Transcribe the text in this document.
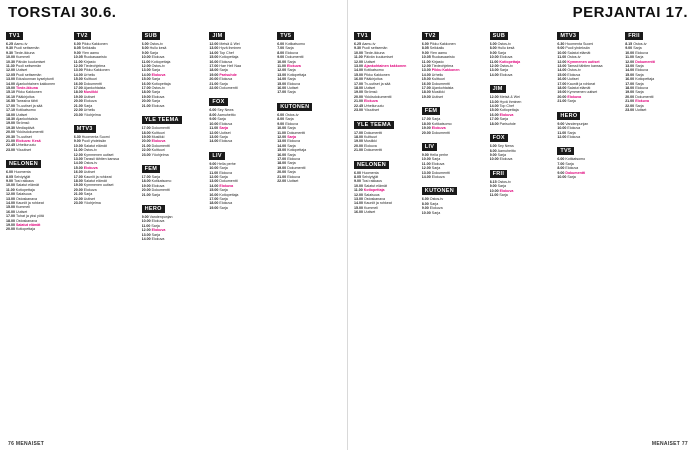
TORSTAI 30.6.
TV1
6.25Aamu-tv
9.30Puoli seitsemän
9.30Tiede-ikkuna
10.00Kummeli
10.30Päivän kuulumiset
11.30Puoli seitsemän
12.00Uutiset
12.05Puoli seitsemän
13.00Eduskunnan kyselytunti
14.00Ajankohtainen kakkonen
15.00Tiede-ikkuna
15.10Pikku Kakkonen
16.10Pääkirjoitus
16.55Tanssiva tähti
17.00Tv-uutiset ja sää
17.10Kotikatsomo
18.00Uutiset
18.30Ajankohtaista
19.00Strömsö
19.30Mediapäivä
20.00Ykkösdokumentti
20.30Tv-uutiset
21.00Elokuva: Kesä
22.45Urheiluruutu
23.00Yöuutiset
NELONEN
6.00Huomenta
8.05Selviytyjät
9.00Tosi rakkaus
10.00Salatut elämät
11.00Kotiopettaja
12.00Salaisuus
13.00Ostoskanava
14.00Kauniit ja rohkeat
15.00Kummeli
16.00Uutiset
17.00Tuhat ja yksi yötä
18.00Ostoskanava
19.00Salatut elämät
20.00Kotiopettaja
TV2
6.00Pikku Kakkonen
8.05Seikkailu
9.00Ylen aamu
10.05Ruokasaaristo
11.00Kirjasto
12.00Tiedeohjelma
13.00Pikku Kakkonen
14.00Urheilu
15.00Kulttuuri
16.00Dokumentti
17.00Ajankohtaista
18.00Musiikki
19.00Uutiset
20.00Elokuva
21.00Sarja
22.00Urheilu
23.00Yöohjelma
MTV3
6.30Huomenta Suomi
9.00Puoli yhdeksän
10.00Salatut elämät
11.00Ostos-tv
12.00Kymmenen uutiset
13.00Tanssii tähtien kanssa
14.00Ostos-tv
15.00Elokuva
16.00Uutiset
17.00Kauniit ja rohkeat
18.00Salatut elämät
19.00Kymmenen uutiset
20.00Elokuva
21.00Sarja
22.00Uutiset
23.00Yöohjelma
SUB
6.00Ostos-tv
8.00Hullu kesä
9.00Sarja
10.00Elokuva
11.00Kotiopettaja
12.00Ostos-tv
13.00Sarja
14.00Elokuva
15.00Sarja
16.00Kotiopettaja
17.00Ostos-tv
18.00Sarja
19.00Elokuva
20.00Sarja
21.00Elokuva
YLE TEEMA
17.00Dokumentti
18.00Kulttuuri
19.00Musiikki
20.00Elokuva
21.00Dokumentti
22.00Kulttuuri
23.00Yöohjelma
FEM
17.00Sarja
18.00Kotikatsomo
19.00Elokuva
20.00Dokumentti
21.00Sarja
HERO
9.00Vandenpunjan
10.00Elokuva
11.00Sarja
12.00Elokuva
13.00Sarja
14.00Elokuva
JIM
12.00Metsä & Wei
13.00Hyvä ihminen
14.00Top Chef
15.00Kotiopettaja
16.00Elokuva
17.00Hae Hei! Naa
18.00Sarja
19.00Parisuhde
20.00Elokuva
21.00Sarja
22.00Dokumentti
FOX
6.00Sey News
8.00Aamuheitto
9.00Sarja
10.00Elokuva
11.00Sarja
12.00Uutiset
13.00Sarja
14.00Elokuva
LIV
9.00Hella perhe
10.00Sarja
11.00Elokuva
12.00Sarja
13.00Dokumentti
14.00Elokuva
15.00Sarja
16.00Kotiopettaja
17.00Sarja
18.00Elokuva
19.00Sarja
TV5
6.00Kotikatsomo
7.00Sarja
8.00Elokuva
9.00Dokumentti
10.00Sarja
11.00Elokuva
12.00Sarja
13.00Kotiopettaja
14.00Sarja
15.00Elokuva
16.00Uutiset
17.00Sarja
KUTONEN
6.00Ostos-tv
8.00Sarja
9.00Elokuva
10.00Sarja
11.00Dokumentti
12.00Sarja
13.00Elokuva
14.00Sarja
15.00Kotiopettaja
16.00Sarja
17.00Elokuva
18.00Sarja
19.00Dokumentti
20.00Sarja
21.00Elokuva
22.00Uutiset
76 MENAISET
PERJANTAI 17.
TV1
6.25Aamu-tv
9.30Puoli seitsemän
10.00Tiede-ikkuna
11.00Päivän kuulumiset
12.00Uutiset
13.00Ajankohtainen kakkonen
14.00Kotikatsomo
15.00Pikku Kakkonen
16.00Pääkirjoitus
17.00Tv-uutiset ja sää
18.00Uutiset
19.00Strömsö
20.00Ykkösdokumentti
21.00Elokuva
22.45Urheiluruutu
23.00Yöuutiset
YLE TEEMA
17.00Dokumentti
18.00Kulttuuri
19.00Musiikki
20.00Elokuva
21.00Dokumentti
NELONEN
6.00Huomenta
8.05Selviytyjät
9.00Tosi rakkaus
10.00Salatut elämät
11.00Kotiopettaja
12.00Salaisuus
13.00Ostoskanava
14.00Kauniit ja rohkeat
15.00Kummeli
16.00Uutiset
TV2
6.00Pikku Kakkonen
8.05Seikkailu
9.00Ylen aamu
10.05Ruokasaaristo
11.00Kirjasto
12.00Tiedeohjelma
13.00Pikku Kakkonen
14.00Urheilu
15.00Kulttuuri
16.00Dokumentti
17.00Ajankohtaista
18.00Musiikki
19.00Uutiset
FEM
17.00Sarja
18.00Kotikatsomo
19.00Elokuva
20.00Dokumentti
LIV
9.00Hella perhe
10.00Sarja
11.00Elokuva
12.00Sarja
13.00Dokumentti
14.00Elokuva
KUTONEN
6.00Ostos-tv
8.00Sarja
9.00Elokuva
10.00Sarja
SUB
6.00Ostos-tv
8.00Hullu kesä
9.00Sarja
10.00Elokuva
11.00Kotiopettaja
12.00Ostos-tv
13.00Sarja
14.00Elokuva
JIM
12.00Metsä & Wei
13.00Hyvä ihminen
14.00Top Chef
15.00Kotiopettaja
16.00Elokuva
17.00Sarja
18.00Parisuhde
FOX
6.00Sey News
8.00Aamuheitto
9.00Sarja
10.00Elokuva
FRII
8.15Ostos-tv
9.00Sarja
10.00Elokuva
11.00Sarja
MTV3
6.30Huomenta Suomi
9.00Puoli yhdeksän
10.00Salatut elämät
11.00Ostos-tv
12.00Kymmenen uutiset
13.00Tanssii tähtien kanssa
14.00Ostos-tv
15.00Elokuva
16.00Uutiset
17.00Kauniit ja rohkeat
18.00Salatut elämät
19.00Kymmenen uutiset
20.00Elokuva
21.00Sarja
HERO
9.00Vandenpunjan
10.00Elokuva
11.00Sarja
12.00Elokuva
TV5
6.00Kotikatsomo
7.00Sarja
8.00Elokuva
9.00Dokumentti
10.00Sarja
FRII
8.15Ostos-tv
9.00Sarja
10.00Elokuva
11.00Sarja
12.00Dokumentti
13.00Sarja
14.00Elokuva
15.00Sarja
16.00Kotiopettaja
17.00Sarja
18.00Elokuva
19.00Sarja
20.00Dokumentti
21.00Elokuva
22.00Sarja
23.00Uutiset
MENAISET 77
